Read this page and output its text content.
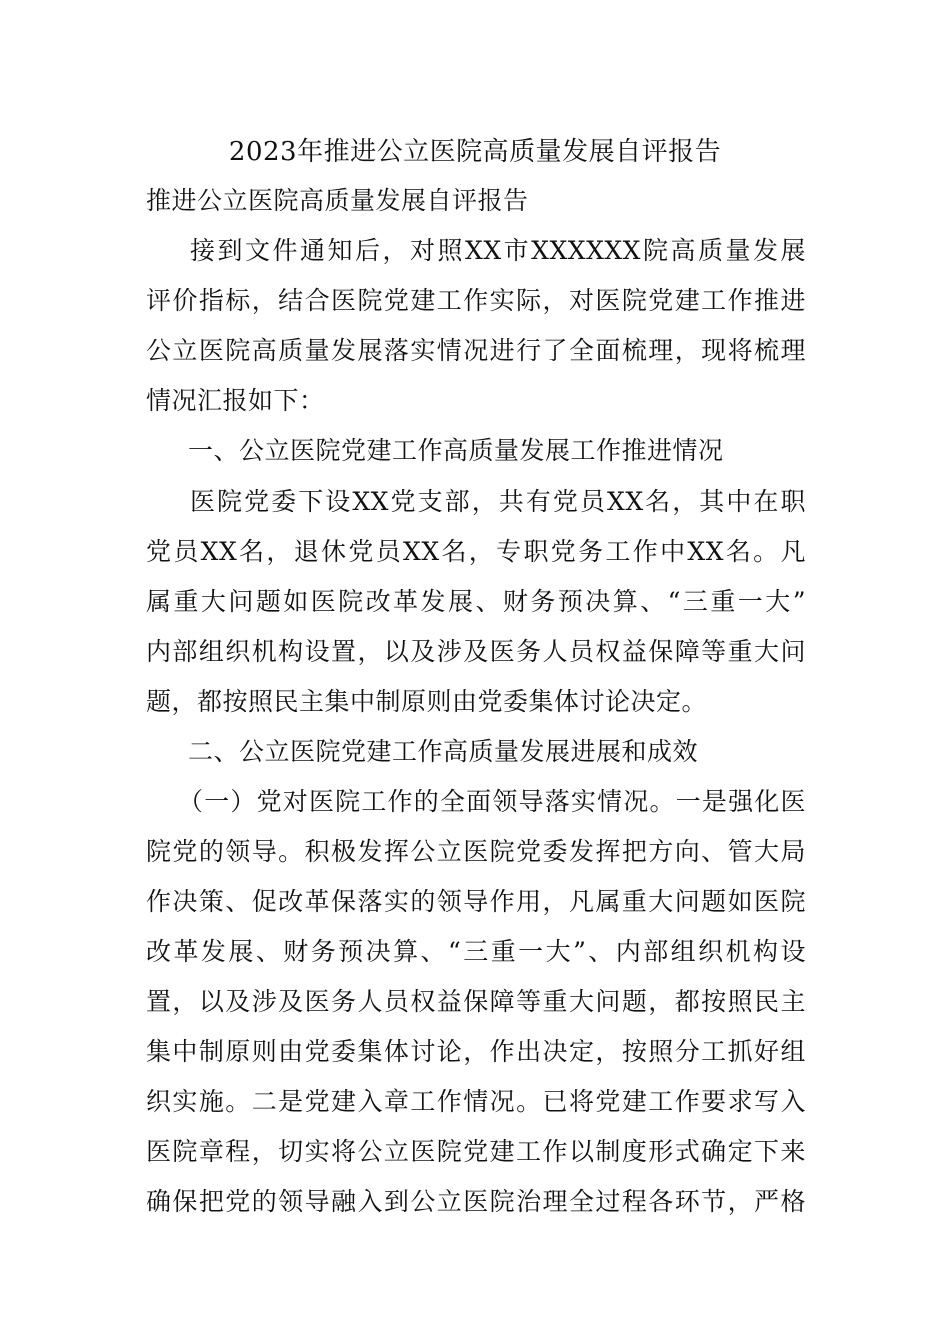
2023年推进公立医院高质量发展自评报告
推进公立医院高质量发展自评报告
接到文件通知后，对照XX市XXXXXX院高质量发展
评价指标，结合医院党建工作实际，对医院党建工作推进
公立医院高质量发展落实情况进行了全面梳理，现将梳理
情况汇报如下：
一、公立医院党建工作高质量发展工作推进情况
医院党委下设XX党支部，共有党员XX名，其中在职
党员XX名，退休党员XX名，专职党务工作中XX名。凡
属重大问题如医院改革发展、财务预决算、“三重一大”
内部组织机构设置，以及涉及医务人员权益保障等重大问
题，都按照民主集中制原则由党委集体讨论决定。
二、公立医院党建工作高质量发展进展和成效
（一）党对医院工作的全面领导落实情况。一是强化医
院党的领导。积极发挥公立医院党委发挥把方向、管大局
作决策、促改革保落实的领导作用，凡属重大问题如医院
改革发展、财务预决算、“三重一大”、内部组织机构设
置，以及涉及医务人员权益保障等重大问题，都按照民主
集中制原则由党委集体讨论，作出决定，按照分工抓好组
织实施。二是党建入章工作情况。已将党建工作要求写入
医院章程，切实将公立医院党建工作以制度形式确定下来
确保把党的领导融入到公立医院治理全过程各环节，严格
